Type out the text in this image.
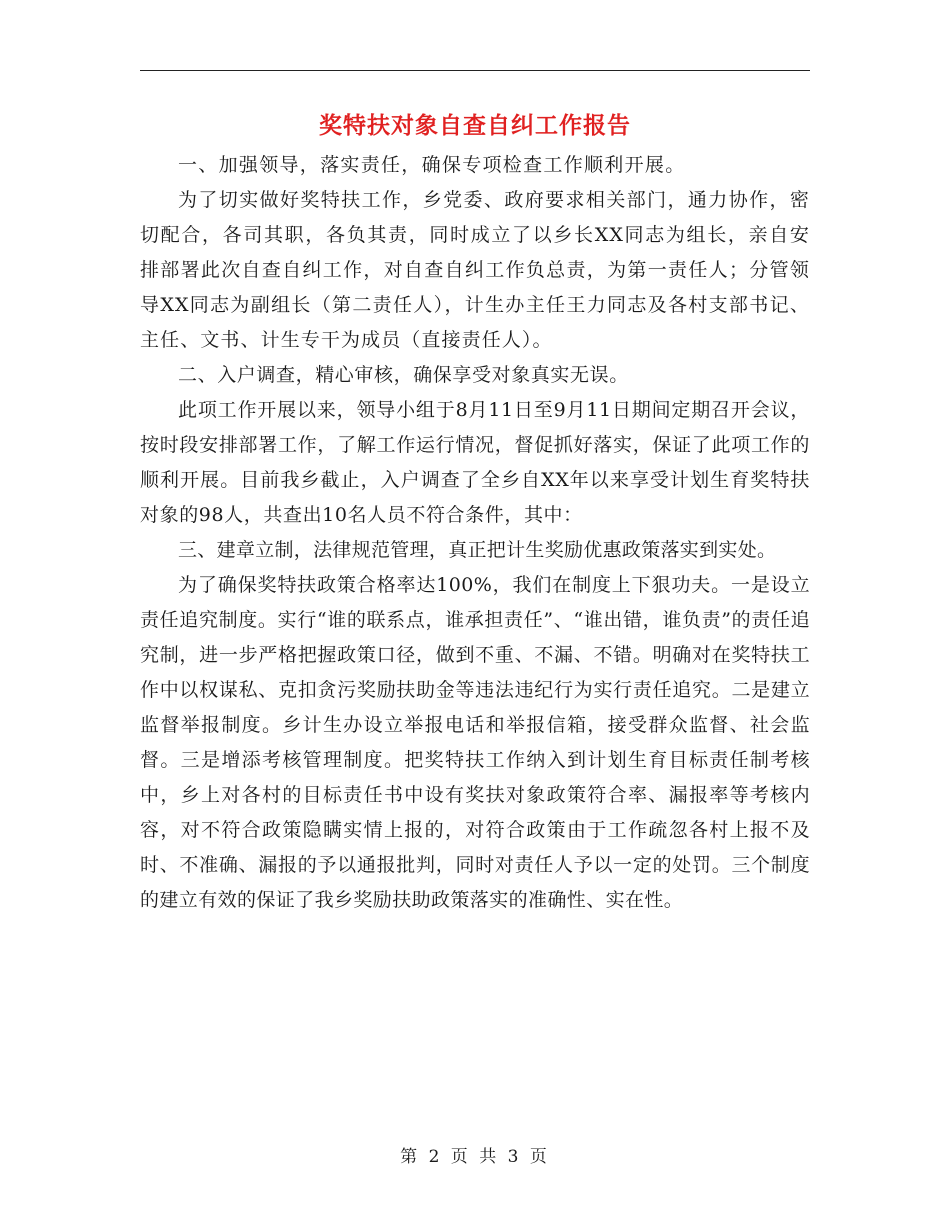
奖特扶对象自查自纠工作报告

一、加强领导，落实责任，确保专项检查工作顺利开展。

为了切实做好奖特扶工作，乡党委、政府要求相关部门，通力协作，密切配合，各司其职，各负其责，同时成立了以乡长XX同志为组长，亲自安排部署此次自查自纠工作，对自查自纠工作负总责，为第一责任人；分管领导XX同志为副组长（第二责任人），计生办主任王力同志及各村支部书记、主任、文书、计生专干为成员（直接责任人）。

二、入户调查，精心审核，确保享受对象真实无误。

此项工作开展以来，领导小组于8月11日至9月11日期间定期召开会议，按时段安排部署工作，了解工作运行情况，督促抓好落实，保证了此项工作的顺利开展。目前我乡截止，入户调查了全乡自XX年以来享受计划生育奖特扶对象的98人，共查出10名人员不符合条件，其中：

三、建章立制，法律规范管理，真正把计生奖励优惠政策落实到实处。

为了确保奖特扶政策合格率达100%，我们在制度上下狠功夫。一是设立责任追究制度。实行“谁的联系点，谁承担责任”、“谁出错，谁负责”的责任追究制，进一步严格把握政策口径，做到不重、不漏、不错。明确对在奖特扶工作中以权谋私、克扣贪污奖励扶助金等违法违纪行为实行责任追究。二是建立监督举报制度。乡计生办设立举报电话和举报信箱，接受群众监督、社会监督。三是增添考核管理制度。把奖特扶工作纳入到计划生育目标责任制考核中，乡上对各村的目标责任书中设有奖扶对象政策符合率、漏报率等考核内容，对不符合政策隐瞒实情上报的，对符合政策由于工作疏忽各村上报不及时、不准确、漏报的予以通报批判，同时对责任人予以一定的处罚。三个制度的建立有效的保证了我乡奖励扶助政策落实的准确性、实在性。

第 2 页 共 3 页
